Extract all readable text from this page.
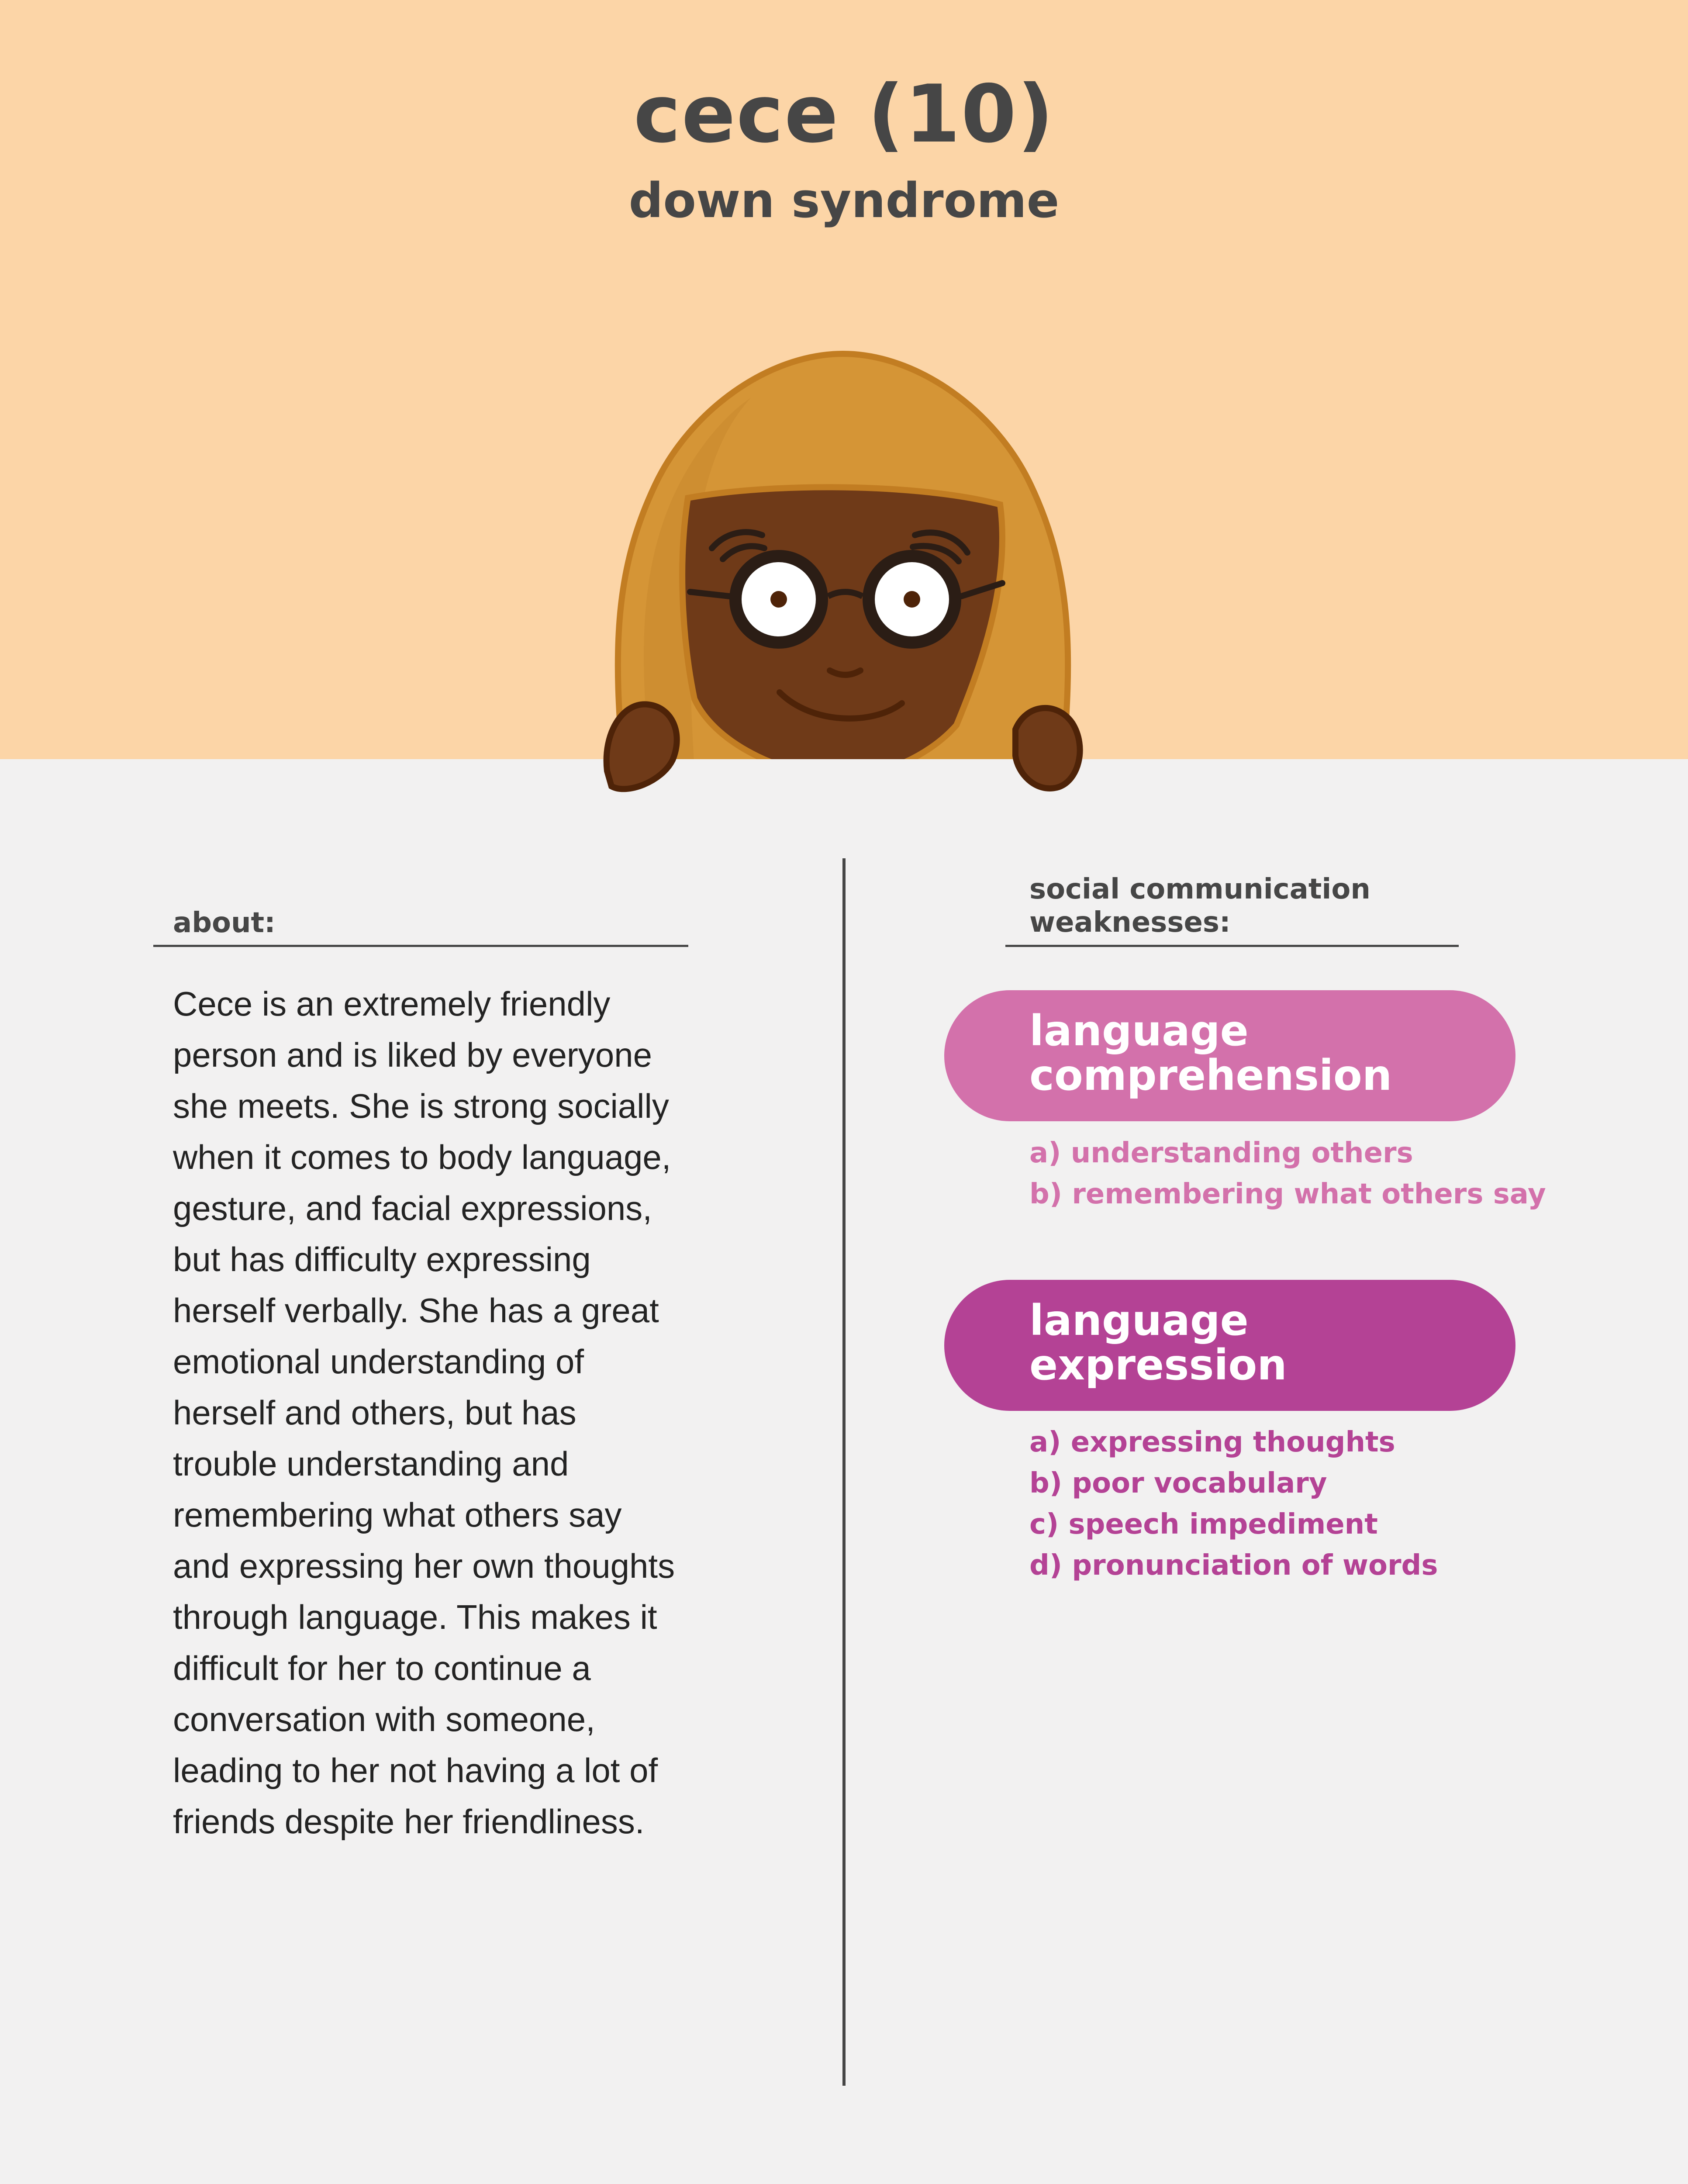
cece (10)
down syndrome
about:
Cece is an extremely friendly
person and is liked by everyone
she meets. She is strong socially
when it comes to body language,
gesture, and facial expressions,
but has difficulty expressing
herself verbally. She has a great
emotional understanding of
herself and others, but has
trouble understanding and
remembering what others say
and expressing her own thoughts
through language. This makes it
difficult for her to continue a
conversation with someone,
leading to her not having a lot of
friends despite her friendliness.
social communication
weaknesses:
language
comprehension
a) understanding others
b) remembering what others say
language
expression
a) expressing thoughts
b) poor vocabulary
c) speech impediment
d) pronunciation of words
